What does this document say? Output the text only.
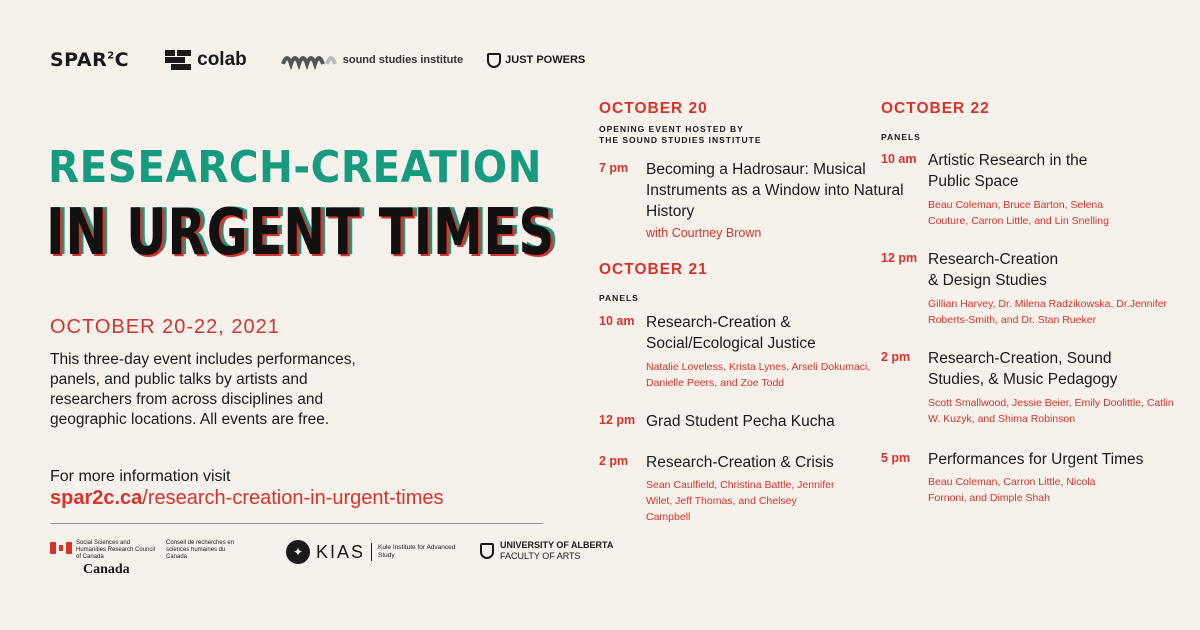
SPAR$^2$C	colab	sound studies institute	JUST POWERS
RESEARCH-CREATION
IN URGENT TIMES
OCTOBER 20-22, 2021
This three-day event includes performances, panels, and public talks by artists and researchers from across disciplines and geographic locations. All events are free.
For more information visit
spar2c.ca/research-creation-in-urgent-times
Social Sciences and Humanities Research Council of Canada
Conseil de recherches en sciences humaines du Canada
Canada
✦ KIAS Kule Institute for Advanced Study
UNIVERSITY OF ALBERTA
FACULTY OF ARTS
OCTOBER 20
OPENING EVENT HOSTED BY
THE SOUND STUDIES INSTITUTE
7 pm Becoming a Hadrosaur: Musical Instruments as a Window into Natural History
with Courtney Brown
OCTOBER 21
PANELS
10 am Research-Creation & Social/Ecological Justice
Natalie Loveless, Krista Lynes, Arseli Dokumaci, Danielle Peers, and Zoe Todd
12 pm Grad Student Pecha Kucha
2 pm Research-Creation & Crisis
Sean Caulfield, Christina Battle, Jennifer Wilet, Jeff Thomas, and Chelsey Campbell
OCTOBER 22
PANELS
10 am Artistic Research in the Public Space
Beau Coleman, Bruce Barton, Selena Couture, Carron Little, and Lin Snelling
12 pm Research-Creation & Design Studies
Gillian Harvey, Dr. Milena Radzikowska, Dr.Jennifer Roberts-Smith, and Dr. Stan Rueker
2 pm Research-Creation, Sound Studies, & Music Pedagogy
Scott Smallwood, Jessie Beier, Emily Doolittle, Catlin W. Kuzyk, and Shima Robinson
5 pm Performances for Urgent Times
Beau Coleman, Carron Little, Nicola Fornoni, and Dimple Shah
